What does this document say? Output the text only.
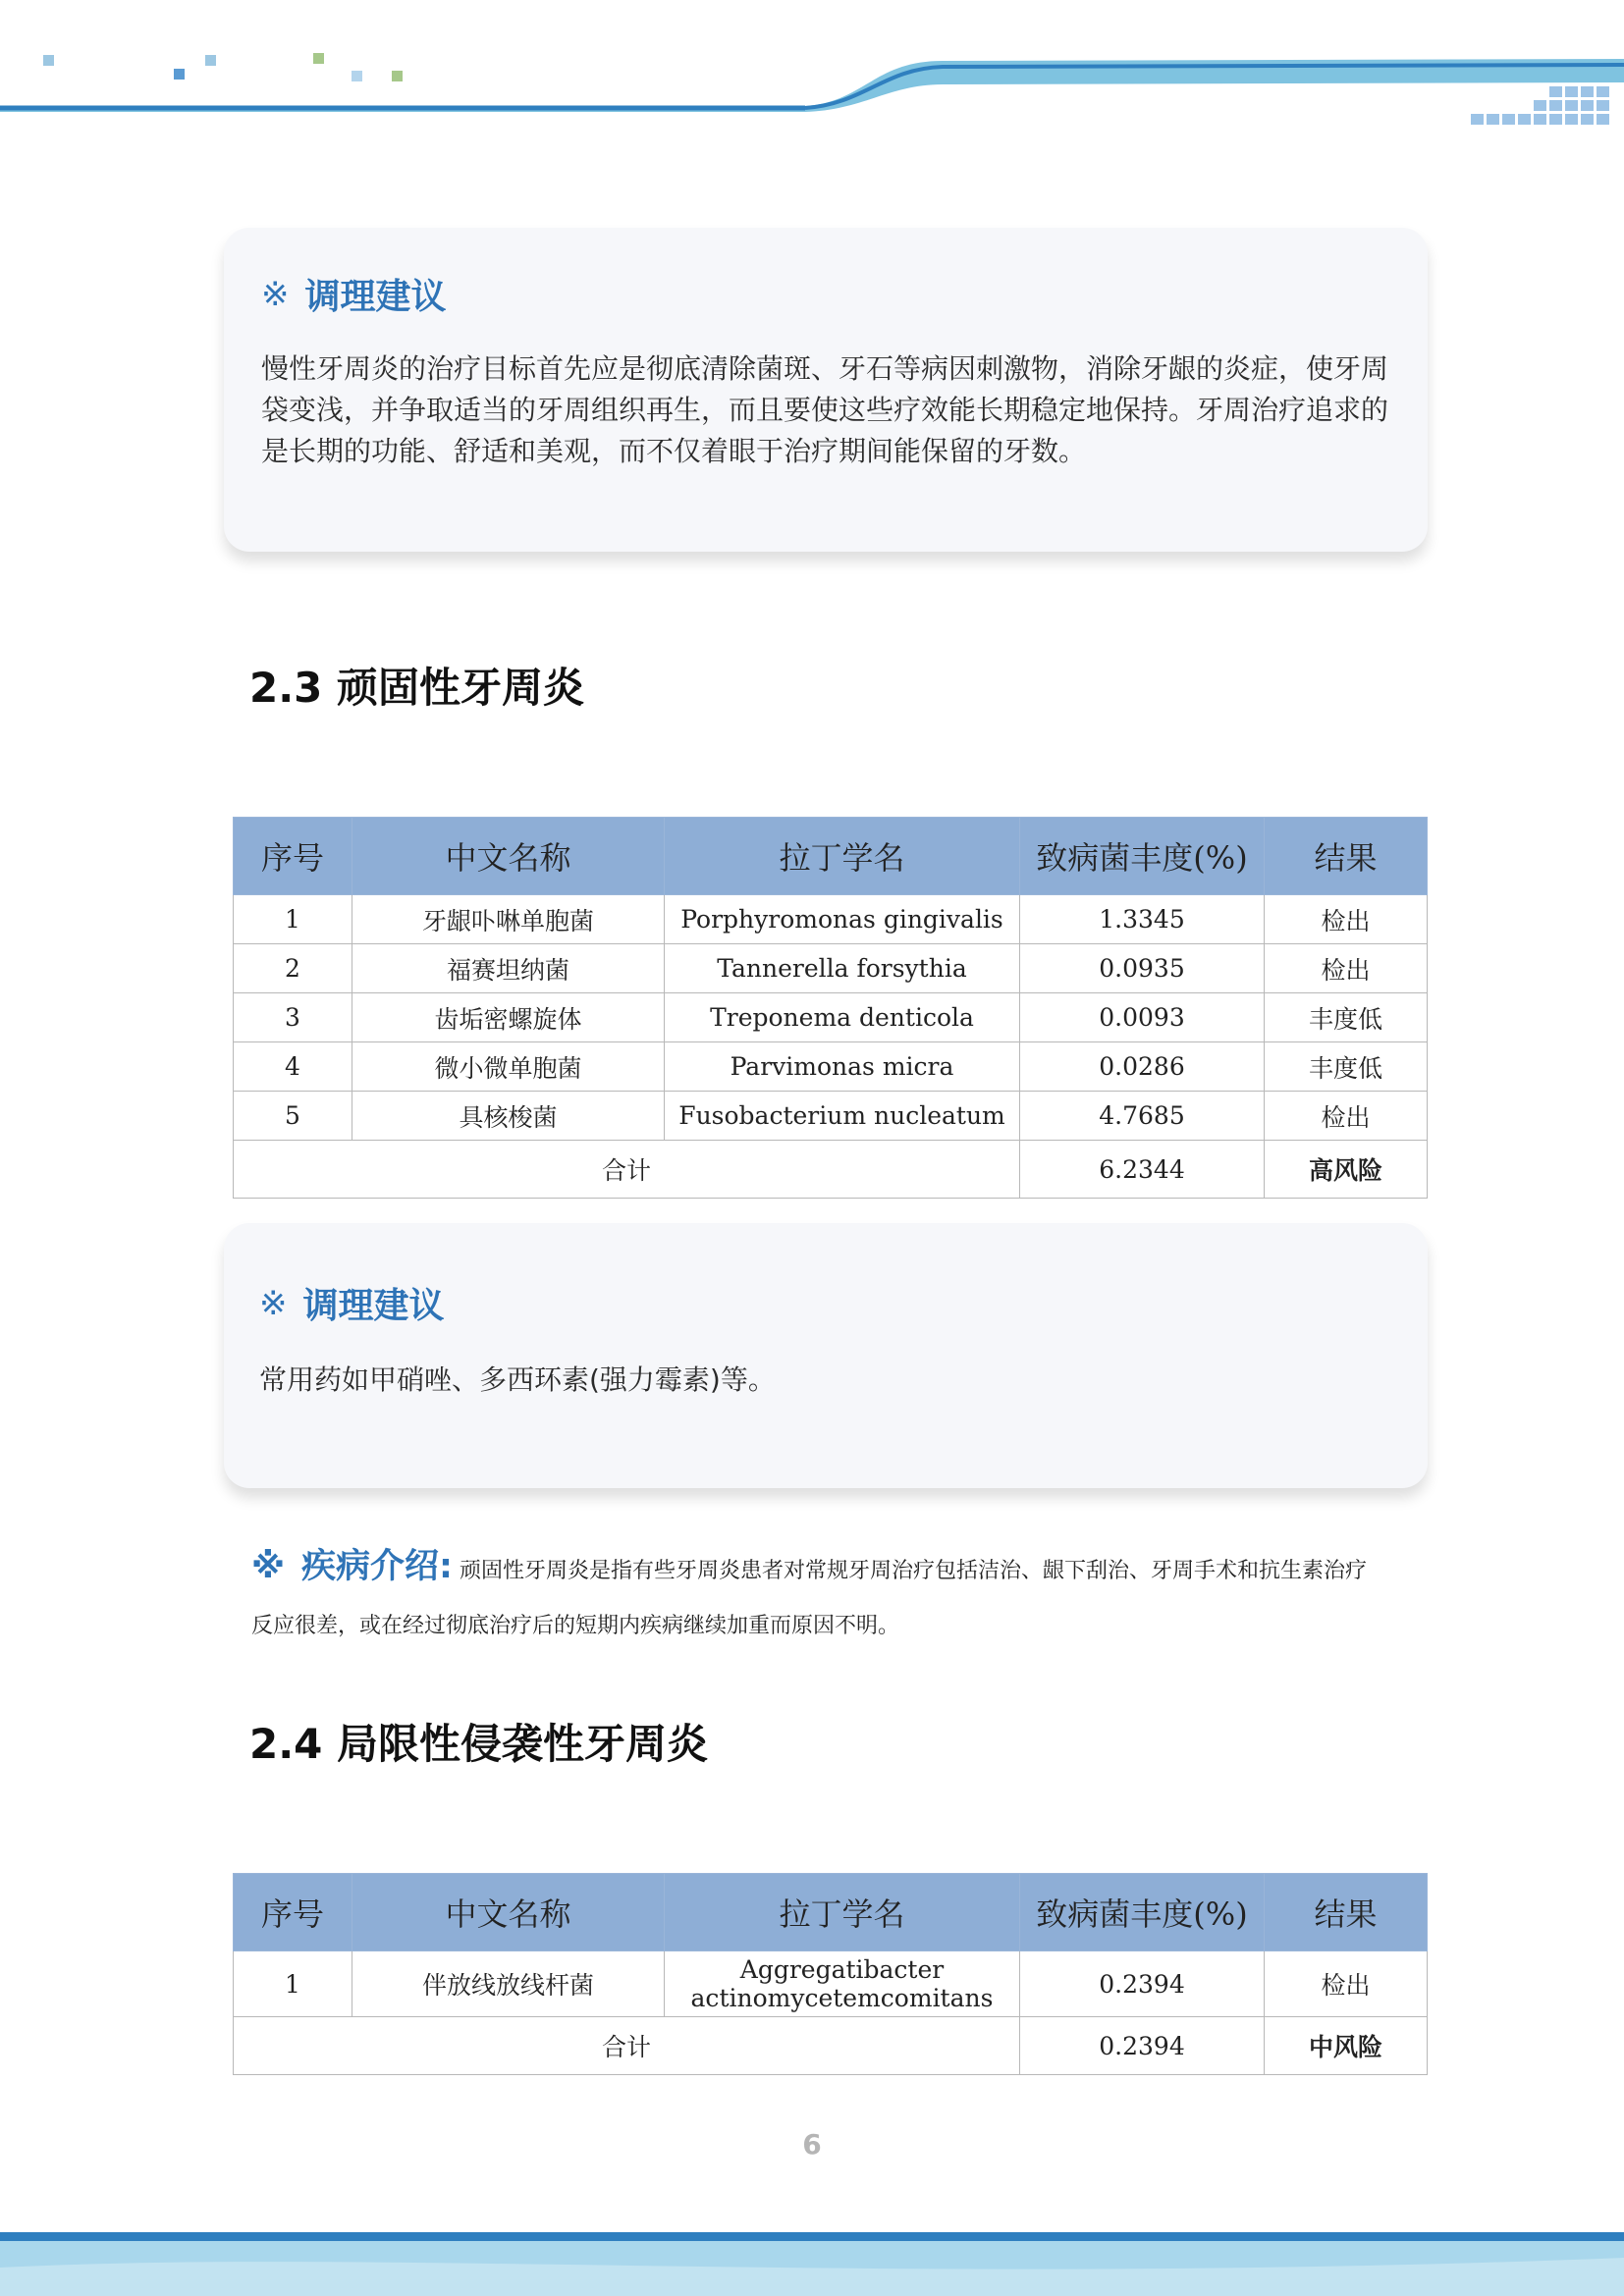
※ 调理建议
慢性牙周炎的治疗目标首先应是彻底清除菌斑、牙石等病因刺激物，消除牙龈的炎症，使牙周袋变浅，并争取适当的牙周组织再生，而且要使这些疗效能长期稳定地保持。牙周治疗追求的是长期的功能、舒适和美观，而不仅着眼于治疗期间能保留的牙数。
2.3 顽固性牙周炎
序号	中文名称	拉丁学名	致病菌丰度(%)	结果
1	牙龈卟啉单胞菌	Porphyromonas gingivalis	1.3345	检出
2	福赛坦纳菌	Tannerella forsythia	0.0935	检出
3	齿垢密螺旋体	Treponema denticola	0.0093	丰度低
4	微小微单胞菌	Parvimonas micra	0.0286	丰度低
5	具核梭菌	Fusobacterium nucleatum	4.7685	检出
合计			6.2344	高风险
※ 调理建议
常用药如甲硝唑、多西环素(强力霉素)等。
※ 疾病介绍: 顽固性牙周炎是指有些牙周炎患者对常规牙周治疗包括洁治、龈下刮治、牙周手术和抗生素治疗反应很差，或在经过彻底治疗后的短期内疾病继续加重而原因不明。
2.4 局限性侵袭性牙周炎
序号	中文名称	拉丁学名	致病菌丰度(%)	结果
1	伴放线放线杆菌	Aggregatibacter actinomycetemcomitans	0.2394	检出
合计			0.2394	中风险
6
